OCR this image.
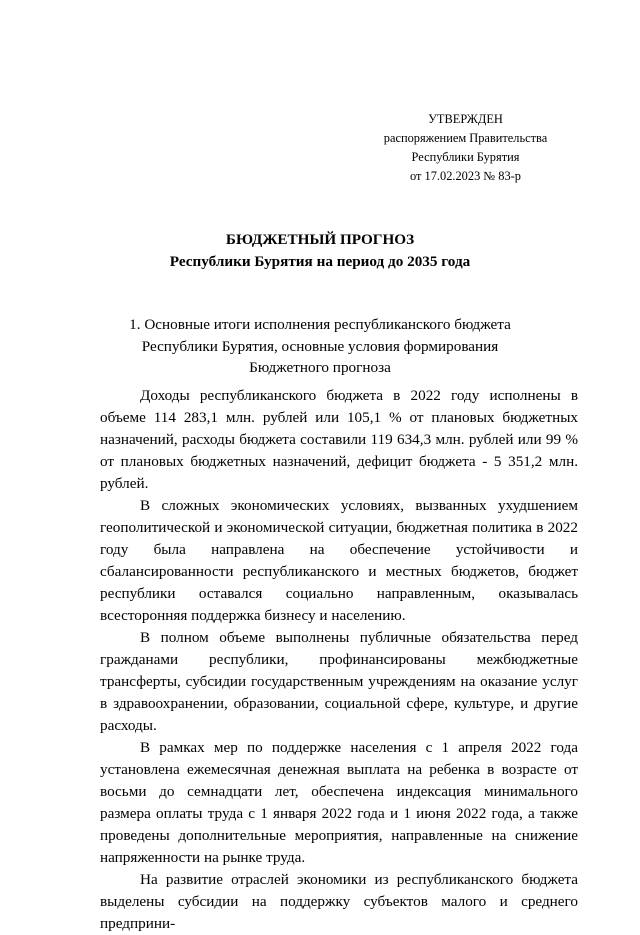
УТВЕРЖДЕН
распоряжением Правительства
Республики Бурятия
от 17.02.2023 № 83-р
БЮДЖЕТНЫЙ ПРОГНОЗ
Республики Бурятия на период до 2035 года
1. Основные итоги исполнения республиканского бюджета
Республики Бурятия, основные условия формирования
Бюджетного прогноза

Доходы республиканского бюджета в 2022 году исполнены в объеме 114 283,1 млн. рублей или 105,1 % от плановых бюджетных назначений, расходы бюджета составили 119 634,3 млн. рублей или 99 % от плановых бюджетных назначений, дефицит бюджета - 5 351,2 млн. рублей.

В сложных экономических условиях, вызванных ухудшением геополитической и экономической ситуации, бюджетная политика в 2022 году была направлена на обеспечение устойчивости и сбалансированности республиканского и местных бюджетов, бюджет республики оставался социально направленным, оказывалась всесторонняя поддержка бизнесу и населению.

В полном объеме выполнены публичные обязательства перед гражданами республики, профинансированы межбюджетные трансферты, субсидии государственным учреждениям на оказание услуг в здравоохранении, образовании, социальной сфере, культуре, и другие расходы.

В рамках мер по поддержке населения с 1 апреля 2022 года установлена ежемесячная денежная выплата на ребенка в возрасте от восьми до семнадцати лет, обеспечена индексация минимального размера оплаты труда с 1 января 2022 года и 1 июня 2022 года, а также проведены дополнительные мероприятия, направленные на снижение напряженности на рынке труда.

На развитие отраслей экономики из республиканского бюджета выделены субсидии на поддержку субъектов малого и среднего предприни-
